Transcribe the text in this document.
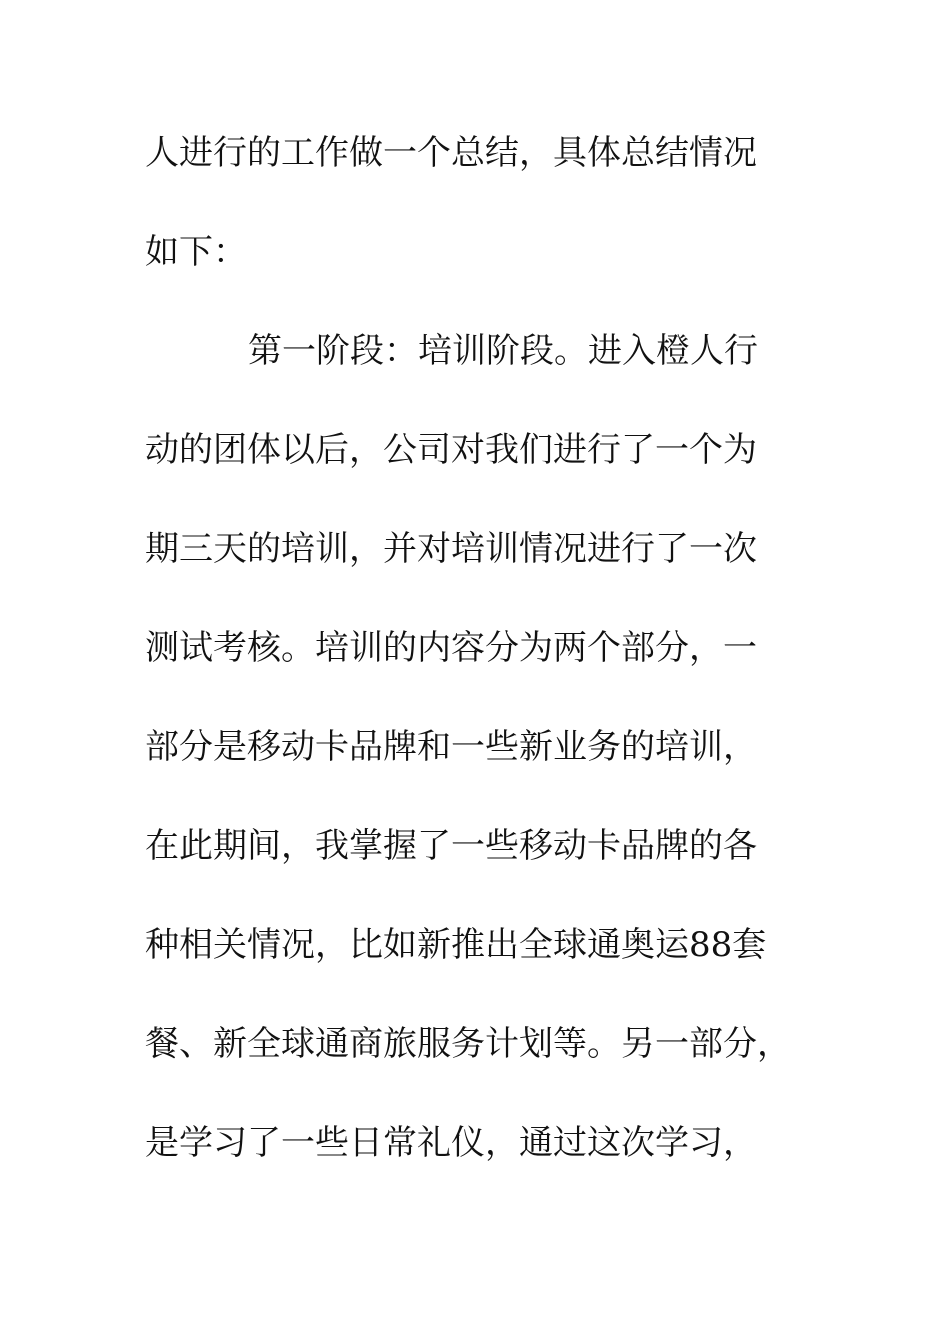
人进行的工作做一个总结，具体总结情况
如下：
第一阶段：培训阶段。进入橙人行
动的团体以后，公司对我们进行了一个为
期三天的培训，并对培训情况进行了一次
测试考核。培训的内容分为两个部分，一
部分是移动卡品牌和一些新业务的培训，
在此期间，我掌握了一些移动卡品牌的各
种相关情况，比如新推出全球通奥运88套
餐、新全球通商旅服务计划等。另一部分，
是学习了一些日常礼仪，通过这次学习，
